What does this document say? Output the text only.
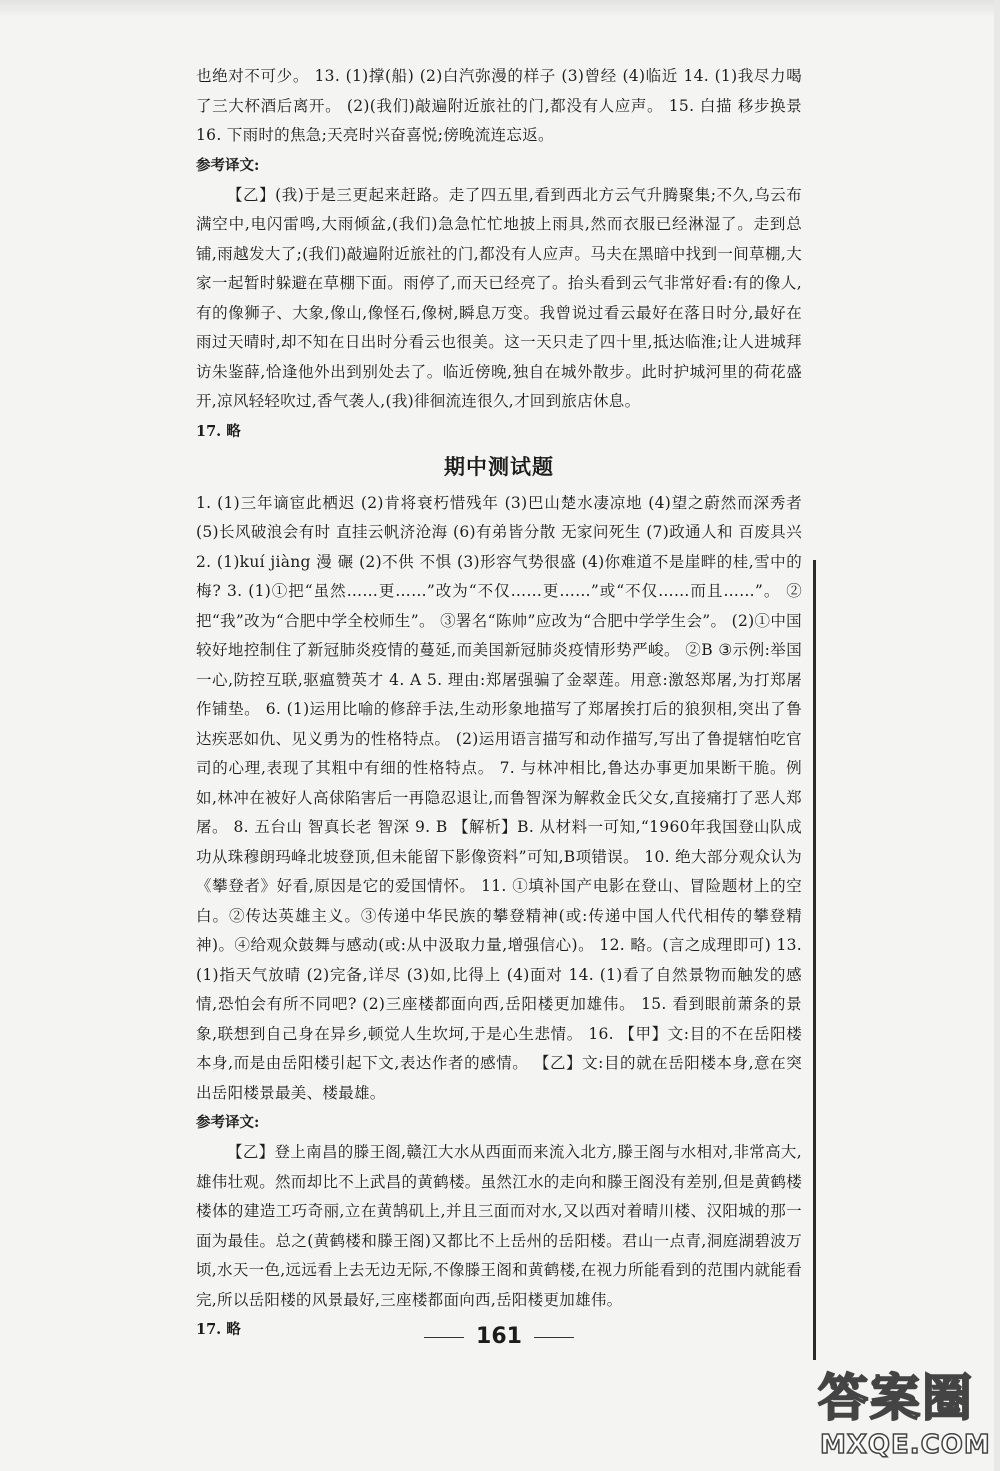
也绝对不可少。 13. (1)撑(船) (2)白汽弥漫的样子 (3)曾经 (4)临近 14. (1)我尽力喝了三大杯酒后离开。 (2)(我们)敲遍附近旅社的门,都没有人应声。 15. 白描 移步换景 16. 下雨时的焦急;天亮时兴奋喜悦;傍晚流连忘返。

参考译文:

【乙】(我)于是三更起来赶路。走了四五里,看到西北方云气升腾聚集;不久,乌云布满空中,电闪雷鸣,大雨倾盆,(我们)急急忙忙地披上雨具,然而衣服已经淋湿了。走到总铺,雨越发大了;(我们)敲遍附近旅社的门,都没有人应声。马夫在黑暗中找到一间草棚,大家一起暂时躲避在草棚下面。雨停了,而天已经亮了。抬头看到云气非常好看:有的像人,有的像狮子、大象,像山,像怪石,像树,瞬息万变。我曾说过看云最好在落日时分,最好在雨过天晴时,却不知在日出时分看云也很美。这一天只走了四十里,抵达临淮;让人进城拜访朱鉴薛,恰逢他外出到别处去了。临近傍晚,独自在城外散步。此时护城河里的荷花盛开,凉风轻轻吹过,香气袭人,(我)徘徊流连很久,才回到旅店休息。

17. 略

期中测试题

1. (1)三年谪宦此栖迟 (2)肯将衰朽惜残年 (3)巴山楚水凄凉地 (4)望之蔚然而深秀者 (5)长风破浪会有时 直挂云帆济沧海 (6)有弟皆分散 无家问死生 (7)政通人和 百废具兴 2. (1)kuí jiàng 漫 碾 (2)不供 不惧 (3)形容气势很盛 (4)你难道不是崖畔的桂,雪中的梅? 3. (1)①把“虽然……更……”改为“不仅……更……”或“不仅……而且……”。 ②把“我”改为“合肥中学全校师生”。 ③署名“陈帅”应改为“合肥中学学生会”。 (2)①中国较好地控制住了新冠肺炎疫情的蔓延,而美国新冠肺炎疫情形势严峻。 ②B ③示例:举国一心,防控互联,驱瘟赞英才 4. A 5. 理由:郑屠强骗了金翠莲。用意:激怒郑屠,为打郑屠作铺垫。 6. (1)运用比喻的修辞手法,生动形象地描写了郑屠挨打后的狼狈相,突出了鲁达疾恶如仇、见义勇为的性格特点。 (2)运用语言描写和动作描写,写出了鲁提辖怕吃官司的心理,表现了其粗中有细的性格特点。 7. 与林冲相比,鲁达办事更加果断干脆。例如,林冲在被好人高俅陷害后一再隐忍退让,而鲁智深为解救金氏父女,直接痛打了恶人郑屠。 8. 五台山 智真长老 智深 9. B 【解析】B. 从材料一可知,“1960年我国登山队成功从珠穆朗玛峰北坡登顶,但未能留下影像资料”可知,B项错误。 10. 绝大部分观众认为《攀登者》好看,原因是它的爱国情怀。 11. ①填补国产电影在登山、冒险题材上的空白。②传达英雄主义。③传递中华民族的攀登精神(或:传递中国人代代相传的攀登精神)。④给观众鼓舞与感动(或:从中汲取力量,增强信心)。 12. 略。(言之成理即可) 13. (1)指天气放晴 (2)完备,详尽 (3)如,比得上 (4)面对 14. (1)看了自然景物而触发的感情,恐怕会有所不同吧? (2)三座楼都面向西,岳阳楼更加雄伟。 15. 看到眼前萧条的景象,联想到自己身在异乡,顿觉人生坎坷,于是心生悲情。 16. 【甲】文:目的不在岳阳楼本身,而是由岳阳楼引起下文,表达作者的感情。 【乙】文:目的就在岳阳楼本身,意在突出岳阳楼景最美、楼最雄。

参考译文:

【乙】登上南昌的滕王阁,赣江大水从西面而来流入北方,滕王阁与水相对,非常高大,雄伟壮观。然而却比不上武昌的黄鹤楼。虽然江水的走向和滕王阁没有差别,但是黄鹤楼楼体的建造工巧奇丽,立在黄鹄矶上,并且三面而对水,又以西对着晴川楼、汉阳城的那一面为最佳。总之(黄鹤楼和滕王阁)又都比不上岳州的岳阳楼。君山一点青,洞庭湖碧波万顷,水天一色,远远看上去无边无际,不像滕王阁和黄鹤楼,在视力所能看到的范围内就能看完,所以岳阳楼的风景最好,三座楼都面向西,岳阳楼更加雄伟。

17. 略	161
答案圈
MXQE.COM
